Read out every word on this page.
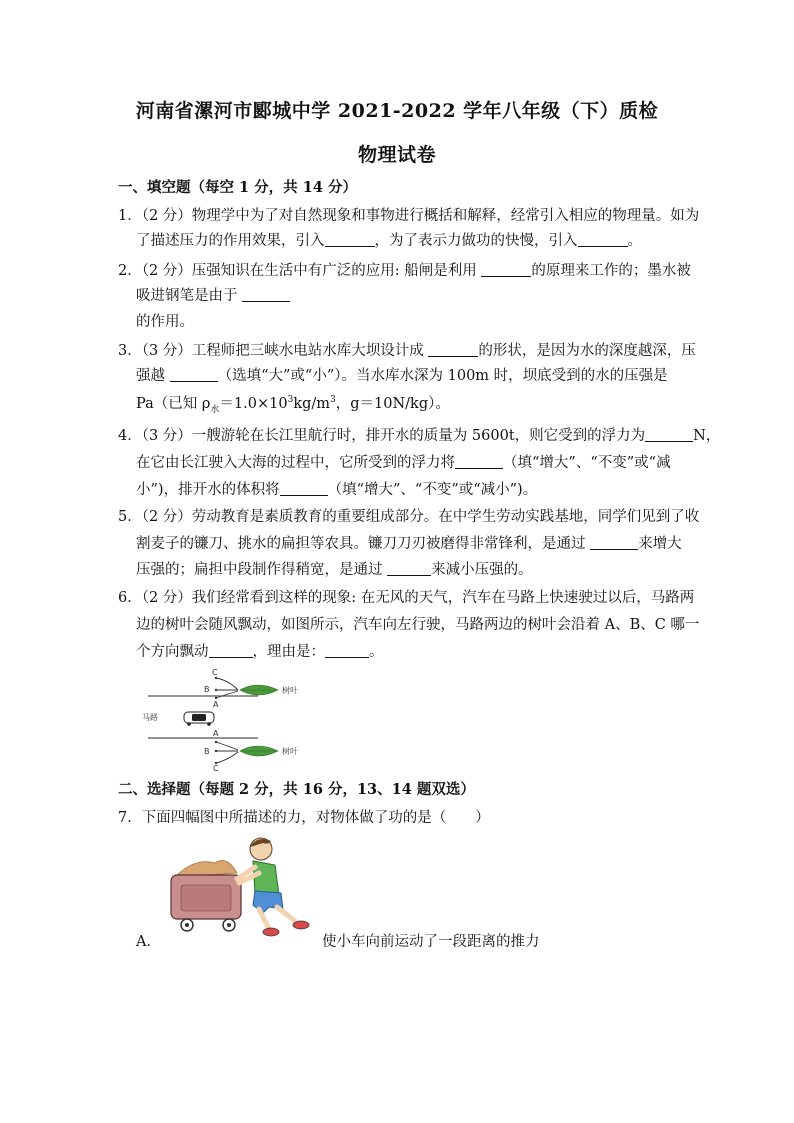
河南省漯河市郾城中学 2021-2022 学年八年级（下）质检
物理试卷
一、填空题（每空 1 分，共 14 分）
1．（2 分）物理学中为了对自然现象和事物进行概括和解释，经常引入相应的物理量。如为
了描述压力的作用效果，引入	，为了表示力做功的快慢，引入	。
2．（2 分）压强知识在生活中有广泛的应用: 船闸是利用	的原理来工作的；墨水被
吸进钢笔是由于
的作用。
3．（3 分）工程师把三峡水电站水库大坝设计成	的形状，是因为水的深度越深，压
强越	（选填“大”或“小”）。当水库水深为 100m 时，坝底受到的水的压强是
Pa（已知 $\rho_水=1.0\times 10^3kg/m^3$，g＝10N/kg）。
4．（3 分）一艘游轮在长江里航行时，排开水的质量为 5600t，则它受到的浮力为	N，
在它由长江驶入大海的过程中，它所受到的浮力将	（填“增大”、“不变”或“减
小”)，排开水的体积将	（填“增大”、“不变”或“减小”)。
5．（2 分）劳动教育是素质教育的重要组成部分。在中学生劳动实践基地，同学们见到了收
割麦子的镰刀、挑水的扁担等农具。镰刀刀刃被磨得非常锋利，是通过	来增大
压强的；扁担中段制作得稍宽，是通过	来减小压强的。
6．（2 分）我们经常看到这样的现象: 在无风的天气，汽车在马路上快速驶过以后，马路两
边的树叶会随风飘动，如图所示，汽车向左行驶，马路两边的树叶会沿着 A、B、C 哪一
个方向飘动	，理由是：	。
C
B
A
树叶
马路
A
B
C
树叶
二、选择题（每题 2 分，共 16 分，13、14 题双选）
7．下面四幅图中所描述的力，对物体做了功的是（　　）
A．	使小车向前运动了一段距离的推力
